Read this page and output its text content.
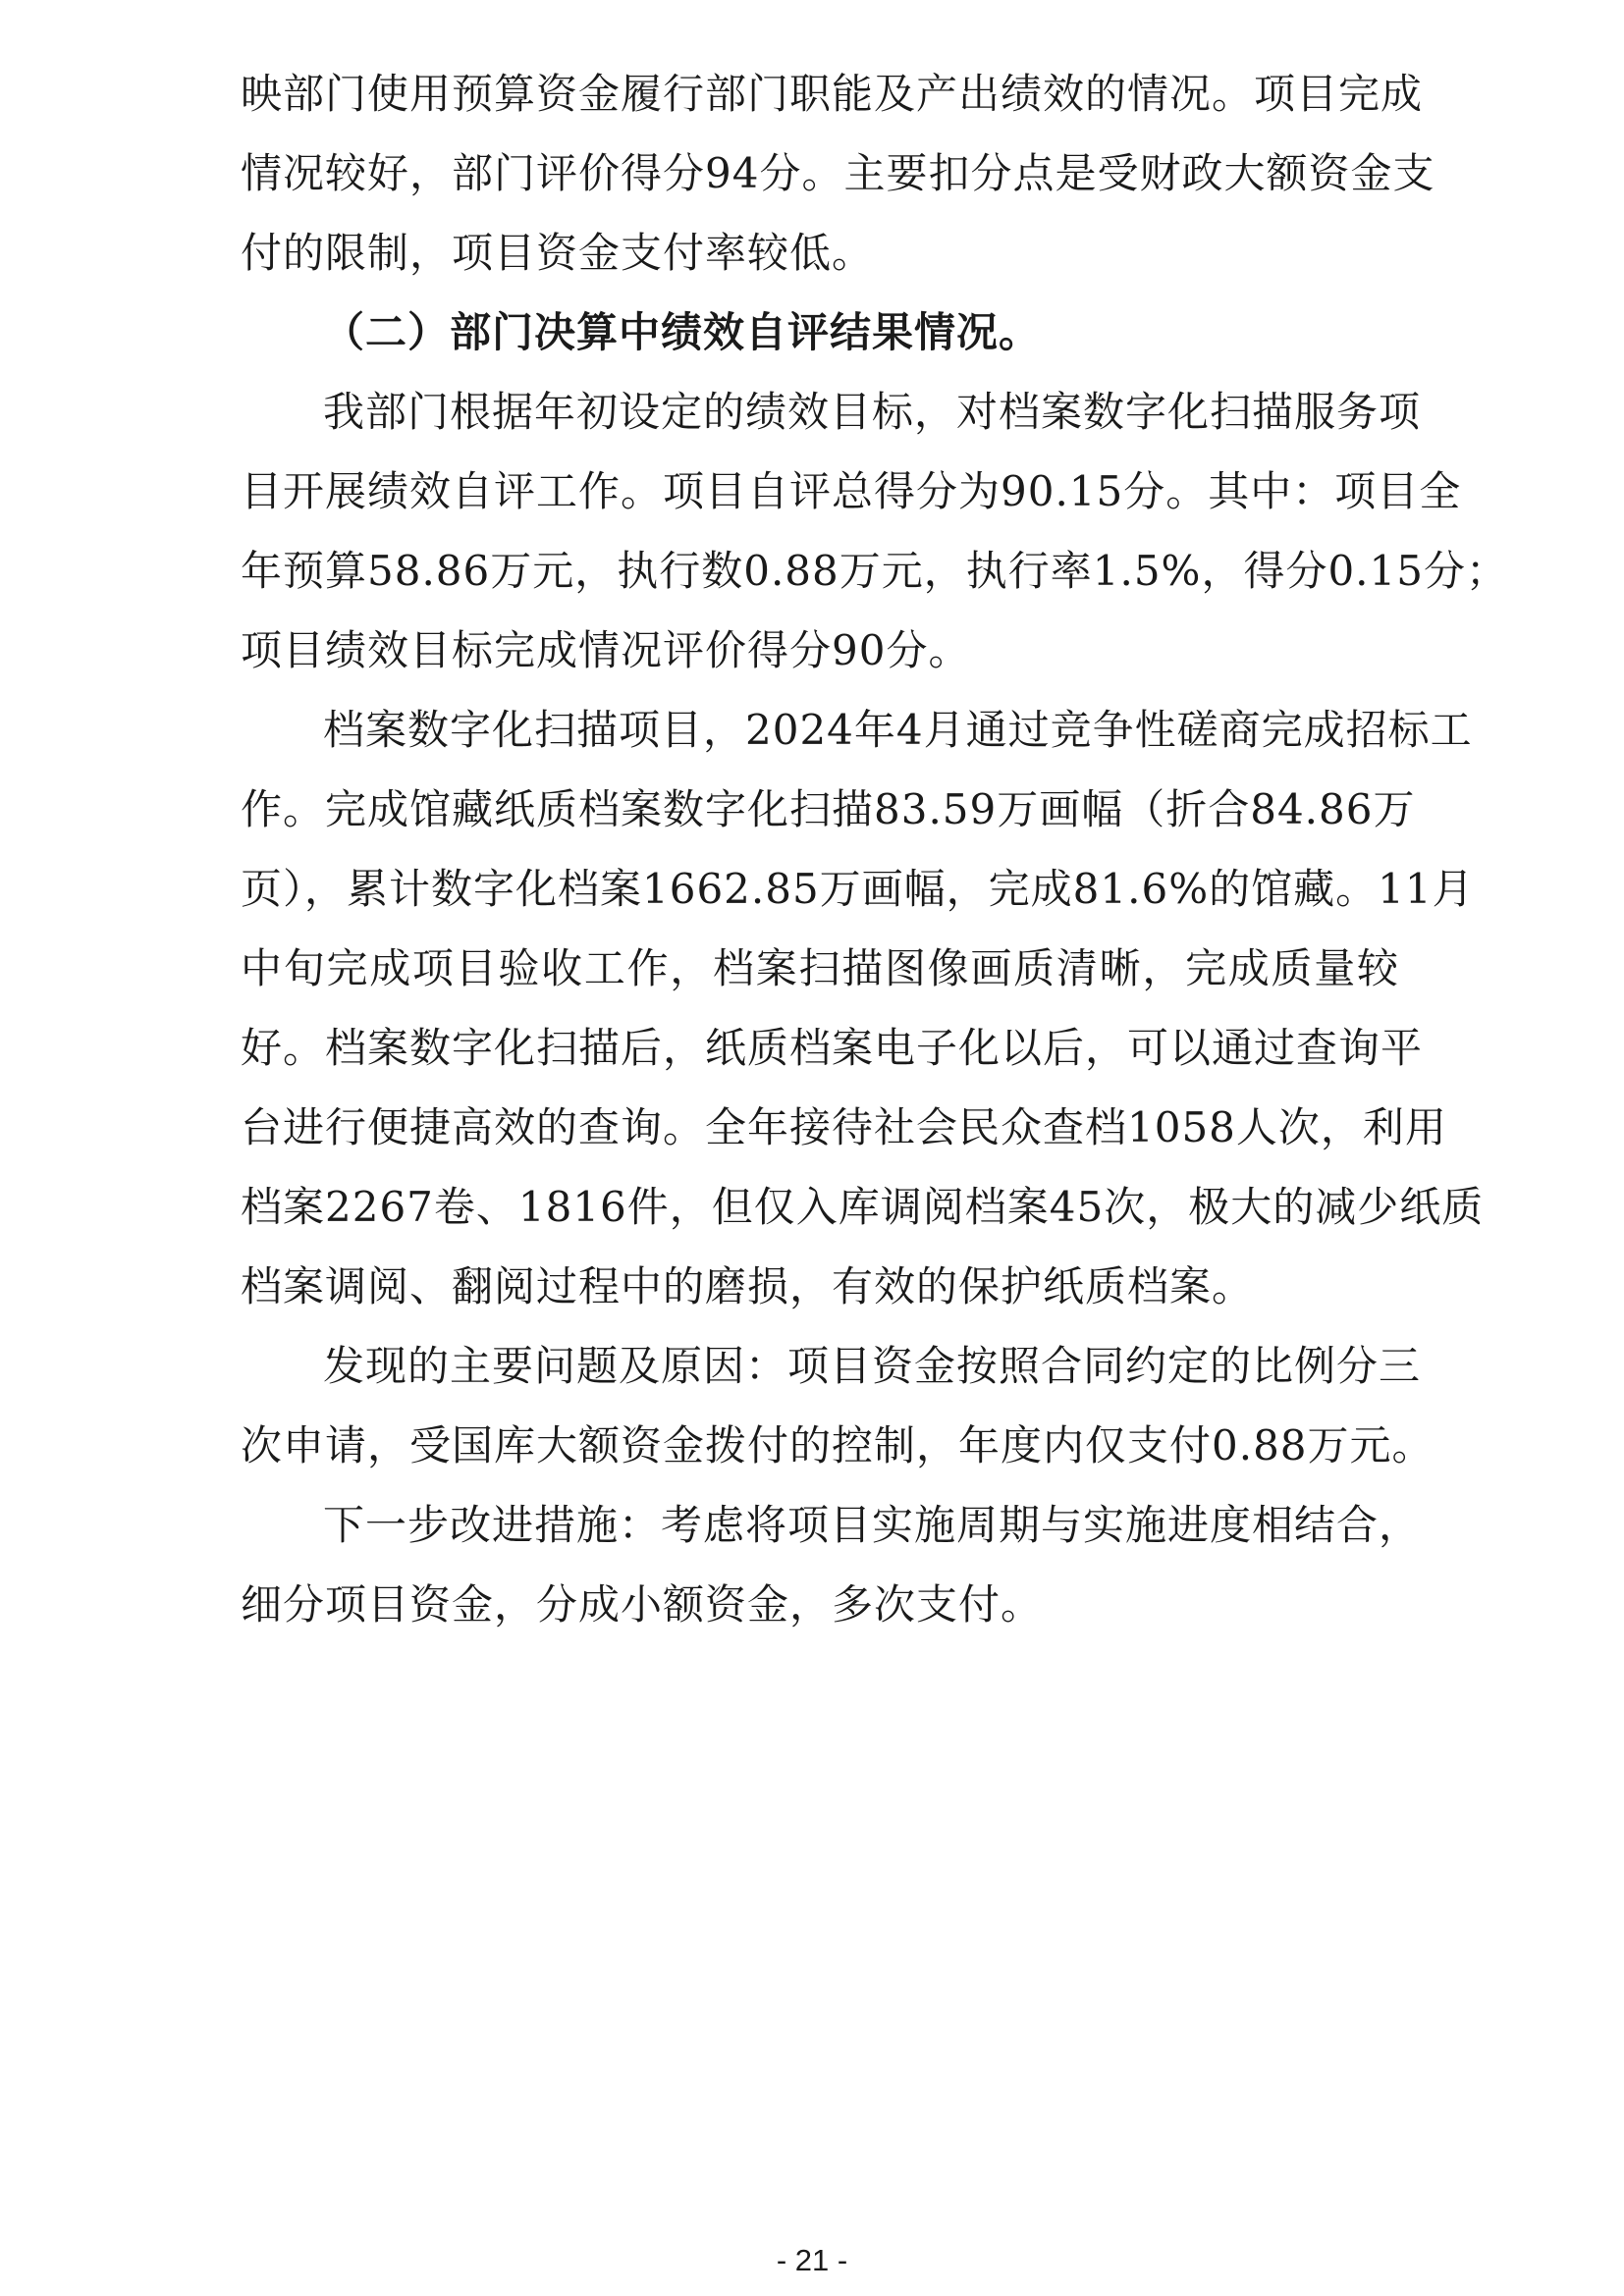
映部门使用预算资金履行部门职能及产出绩效的情况。项目完成
情况较好，部门评价得分94分。主要扣分点是受财政大额资金支
付的限制，项目资金支付率较低。
（二）部门决算中绩效自评结果情况。
我部门根据年初设定的绩效目标，对档案数字化扫描服务项
目开展绩效自评工作。项目自评总得分为90.15分。其中：项目全
年预算58.86万元，执行数0.88万元，执行率1.5%，得分0.15分；
项目绩效目标完成情况评价得分90分。
档案数字化扫描项目，2024年4月通过竞争性磋商完成招标工
作。完成馆藏纸质档案数字化扫描83.59万画幅（折合84.86万
页），累计数字化档案1662.85万画幅，完成81.6%的馆藏。11月
中旬完成项目验收工作，档案扫描图像画质清晰，完成质量较
好。档案数字化扫描后，纸质档案电子化以后，可以通过查询平
台进行便捷高效的查询。全年接待社会民众查档1058人次，利用
档案2267卷、1816件，但仅入库调阅档案45次，极大的减少纸质
档案调阅、翻阅过程中的磨损，有效的保护纸质档案。
发现的主要问题及原因：项目资金按照合同约定的比例分三
次申请，受国库大额资金拨付的控制，年度内仅支付0.88万元。
下一步改进措施：考虑将项目实施周期与实施进度相结合，
细分项目资金，分成小额资金，多次支付。
- 21 -
